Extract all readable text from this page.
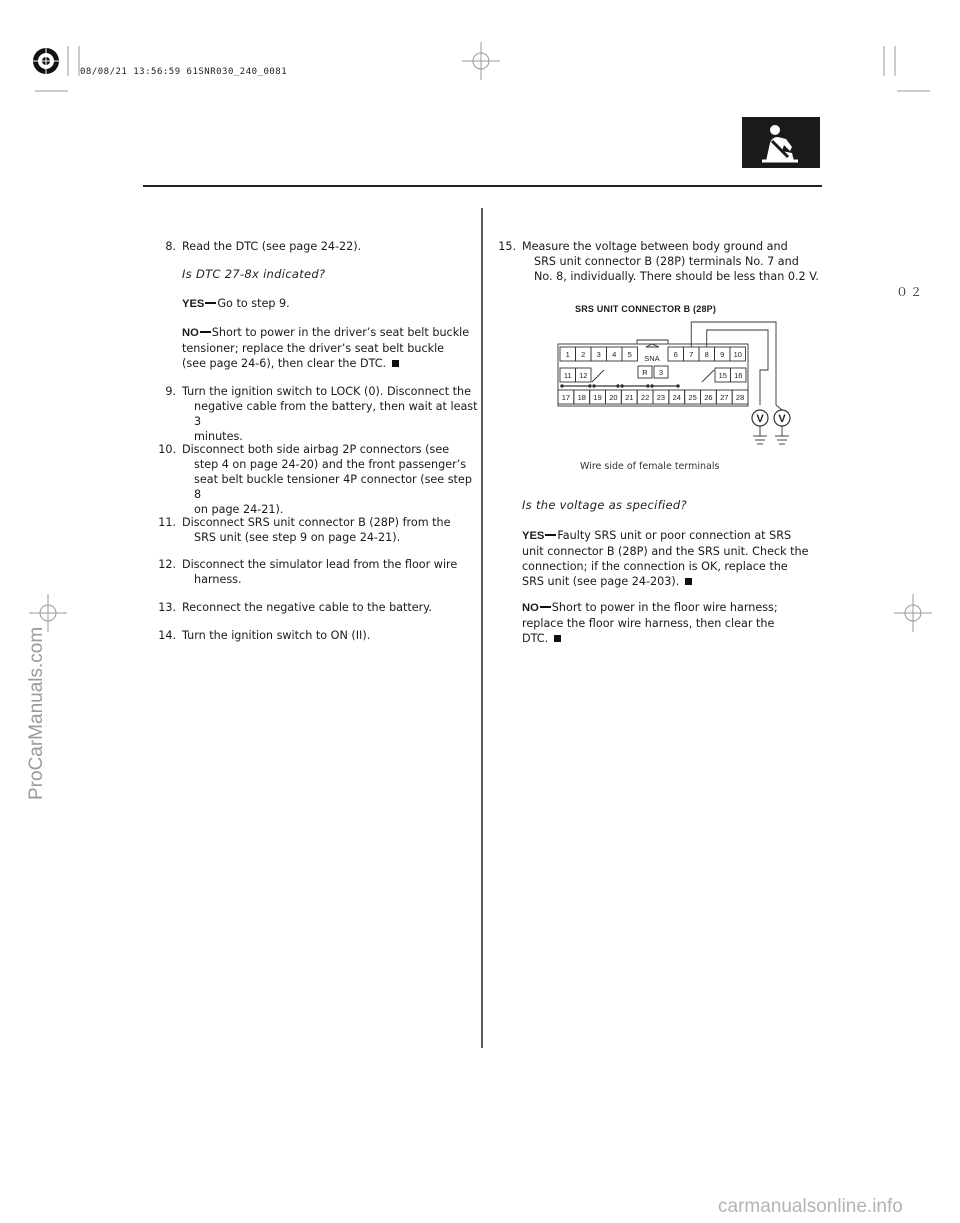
08/08/21 13:56:59 61SNR030_240_0081
０２
8. Read the DTC (see page 24-22).
Is DTC 27-8x indicated?
YES Go to step 9.
NO Short to power in the driver’s seat belt buckle
tensioner; replace the driver’s seat belt buckle
(see page 24-6), then clear the DTC.
9. Turn the ignition switch to LOCK (0). Disconnect the
negative cable from the battery, then wait at least 3
minutes.
10. Disconnect both side airbag 2P connectors (see
step 4 on page 24-20) and the front passenger’s
seat belt buckle tensioner 4P connector (see step 8
on page 24-21).
11. Disconnect SRS unit connector B (28P) from the
SRS unit (see step 9 on page 24-21).
12. Disconnect the simulator lead from the floor wire
harness.
13. Reconnect the negative cable to the battery.
14. Turn the ignition switch to ON (II).
15. Measure the voltage between body ground and
SRS unit connector B (28P) terminals No. 7 and
No. 8, individually. There should be less than 0.2 V.
SRS UNIT CONNECTOR B (28P)
1 2 3 4 5	6 7 8 9 10
SNA
R 3
11 12	15 16
17 18 19 20 21 22 23 24 25 26 27 28
V V
Wire side of female terminals
Is the voltage as specified?
YES Faulty SRS unit or poor connection at SRS
unit connector B (28P) and the SRS unit. Check the
connection; if the connection is OK, replace the
SRS unit (see page 24-203).
NO Short to power in the floor wire harness;
replace the floor wire harness, then clear the
DTC.
ProCarManuals.com
carmanualsonline.info
